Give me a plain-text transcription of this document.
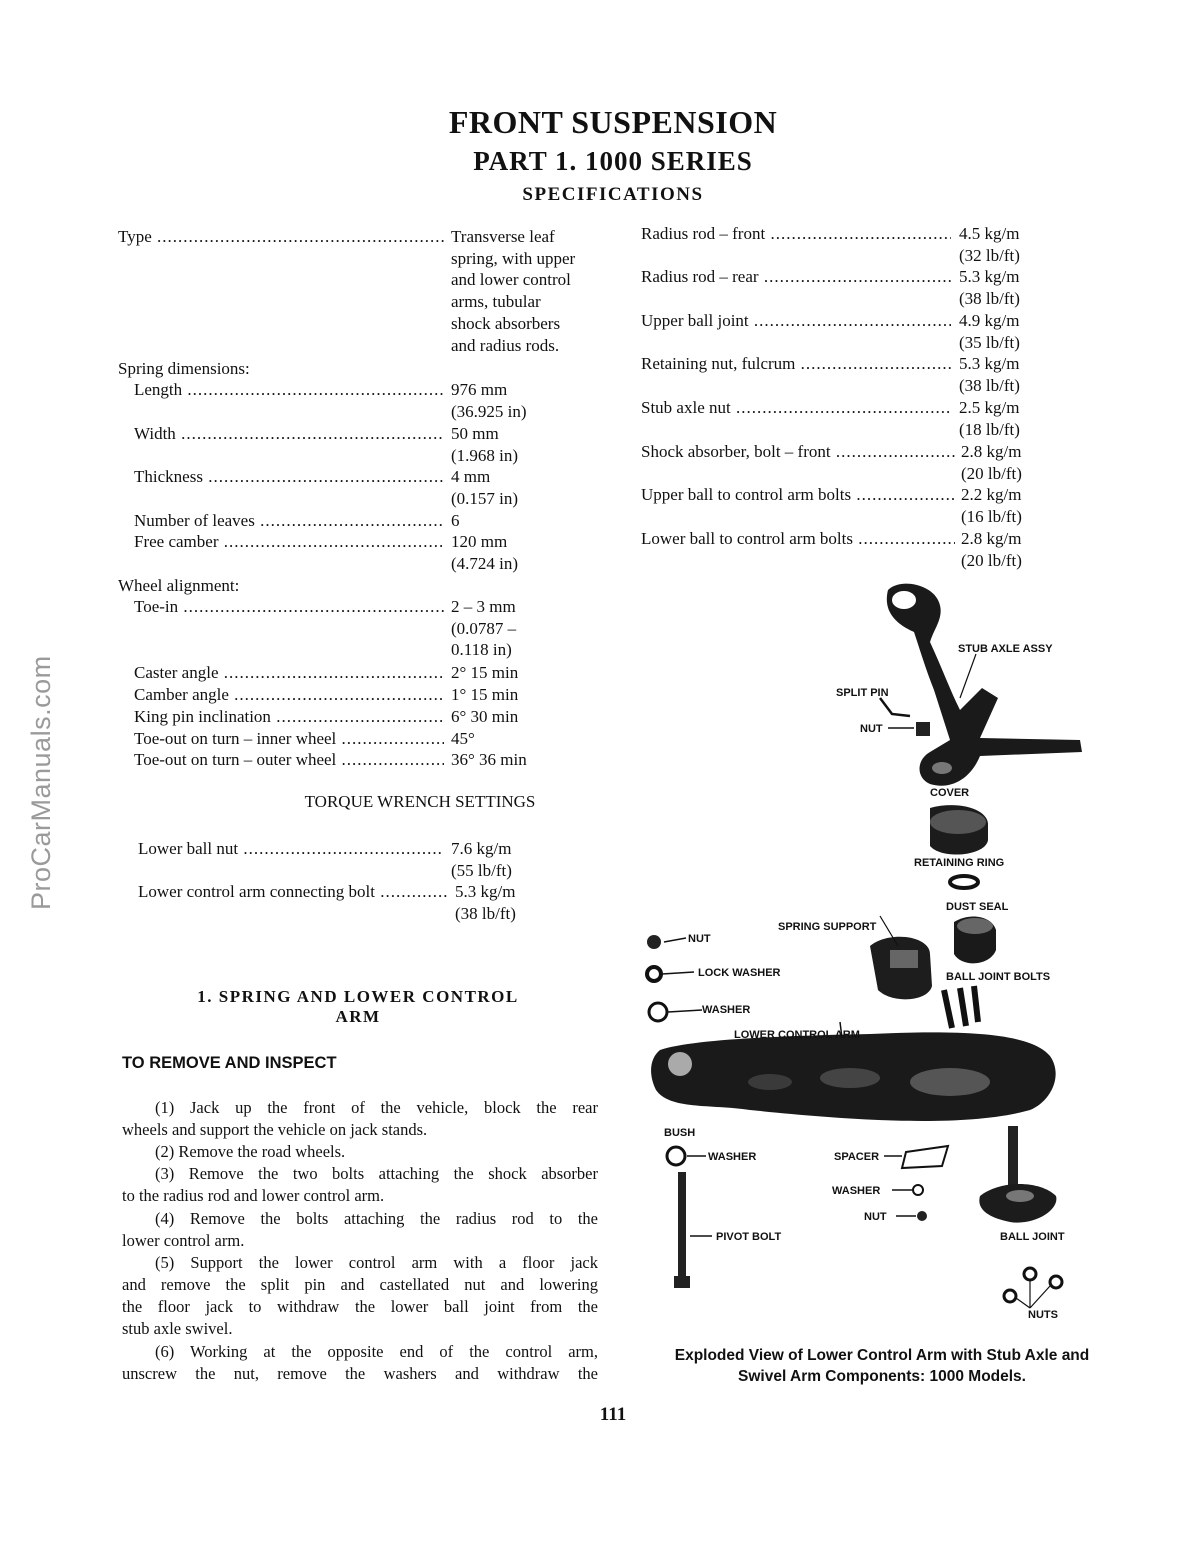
ProCarManuals.com
FRONT SUSPENSION
PART 1. 1000 SERIES
SPECIFICATIONS
Type .....	Transverse leaf
spring, with upper
and lower control
arms, tubular
shock absorbers
and radius rods.
Spring dimensions:
Length .....	976 mm
(36.925 in)
Width .....	50 mm
(1.968 in)
Thickness .....	4 mm
(0.157 in)
Number of leaves .....	6
Free camber .....	120 mm
(4.724 in)
Wheel alignment:
Toe-in .....	2 – 3 mm
(0.0787 –
0.118 in)
Caster angle .....	2° 15 min
Camber angle .....	1° 15 min
King pin inclination .....	6° 30 min
Toe-out on turn – inner wheel .....	45°
Toe-out on turn – outer wheel .....	36° 36 min
TORQUE WRENCH SETTINGS
Lower ball nut .....	7.6 kg/m
(55 lb/ft)
Lower control arm connecting bolt .....	5.3 kg/m
(38 lb/ft)
Radius rod – front .....	4.5 kg/m
(32 lb/ft)
Radius rod – rear .....	5.3 kg/m
(38 lb/ft)
Upper ball joint .....	4.9 kg/m
(35 lb/ft)
Retaining nut, fulcrum .....	5.3 kg/m
(38 lb/ft)
Stub axle nut .....	2.5 kg/m
(18 lb/ft)
Shock absorber, bolt – front .....	2.8 kg/m
(20 lb/ft)
Upper ball to control arm bolts .....	2.2 kg/m
(16 lb/ft)
Lower ball to control arm bolts .....	2.8 kg/m
(20 lb/ft)
1. SPRING AND LOWER CONTROL
ARM
TO REMOVE AND INSPECT
(1) Jack up the front of the vehicle, block the rear
wheels and support the vehicle on jack stands.
(2) Remove the road wheels.
(3) Remove the two bolts attaching the shock absorber
to the radius rod and lower control arm.
(4) Remove the bolts attaching the radius rod to the
lower control arm.
(5) Support the lower control arm with a floor jack
and remove the split pin and castellated nut and lowering
the floor jack to withdraw the lower ball joint from the
stub axle swivel.
(6) Working at the opposite end of the control arm,
unscrew the nut, remove the washers and withdraw the
STUB AXLE ASSY
SPLIT PIN
NUT
COVER
RETAINING RING
DUST SEAL
SPRING SUPPORT
NUT
LOCK WASHER	BALL JOINT BOLTS
WASHER
LOWER CONTROL ARM
BUSH
WASHER	SPACER
WASHER
NUT
PIVOT BOLT	BALL JOINT
NUTS
Exploded View of Lower Control Arm with Stub Axle and
Swivel Arm Components: 1000 Models.
111
